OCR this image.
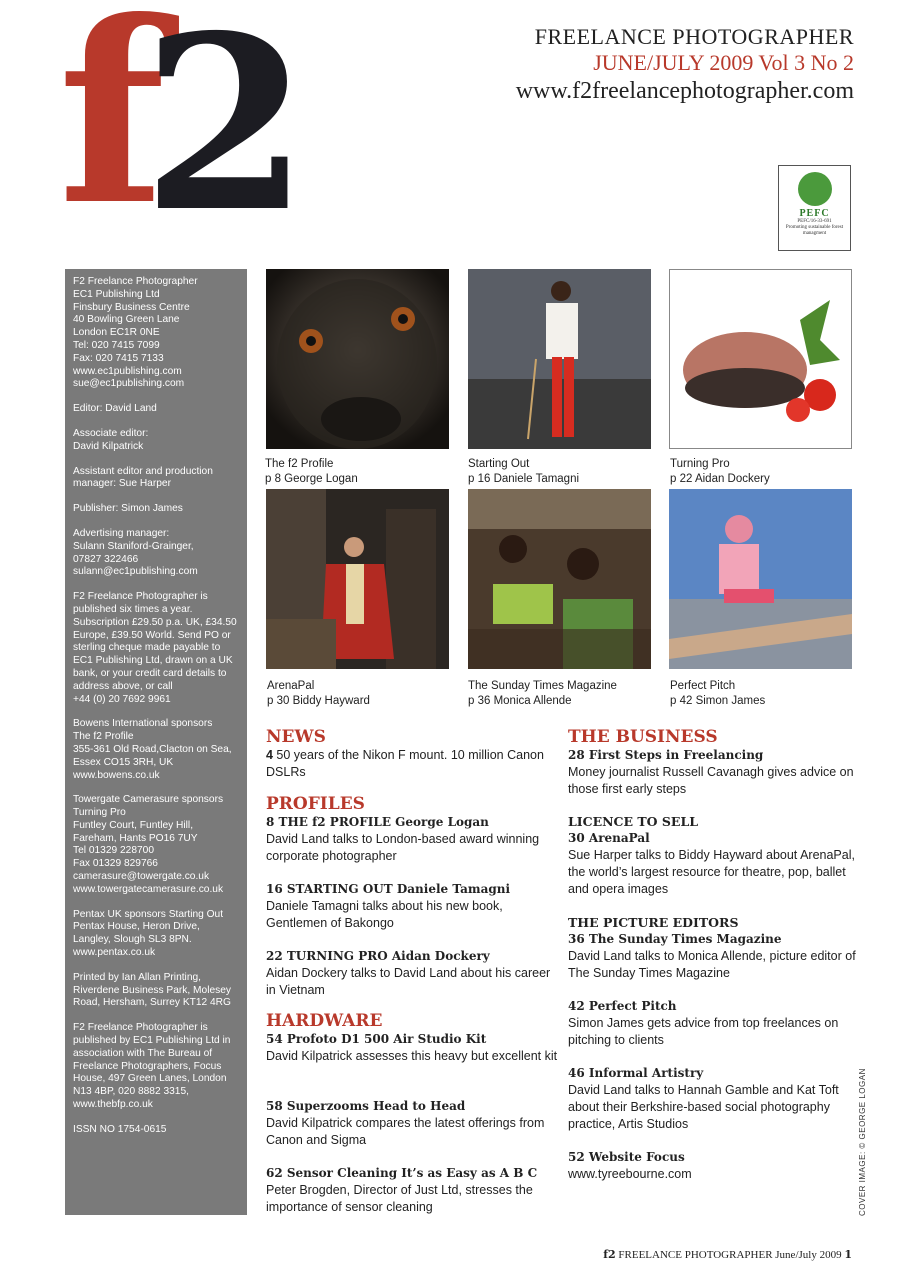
f
2	FREELANCE PHOTOGRAPHER
JUNE/JULY 2009 Vol 3 No 2
www.f2freelancephotographer.com
PEFC
PEFC/16-33-691
Promoting sustainable forest managment

F2 Freelance Photographer
EC1 Publishing Ltd
Finsbury Business Centre
40 Bowling Green Lane
London EC1R 0NE
Tel: 020 7415 7099
Fax: 020 7415 7133
www.ec1publishing.com
sue@ec1publishing.com

Editor: David Land

Associate editor:
David Kilpatrick

Assistant editor and production
manager: Sue Harper

Publisher: Simon James

Advertising manager:
Sulann Staniford-Grainger,
07827 322466
sulann@ec1publishing.com

F2 Freelance Photographer is
published six times a year.
Subscription £29.50 p.a. UK, £34.50
Europe, £39.50 World. Send PO or
sterling cheque made payable to
EC1 Publishing Ltd, drawn on a UK
bank, or your credit card details to
address above, or call
+44 (0) 20 7692 9961

Bowens International sponsors
The f2 Profile
355-361 Old Road,Clacton on Sea,
Essex CO15 3RH, UK
www.bowens.co.uk

Towergate Camerasure sponsors
Turning Pro
Funtley Court, Funtley Hill,
Fareham, Hants PO16 7UY
Tel 01329 228700
Fax 01329 829766
camerasure@towergate.co.uk
www.towergatecamerasure.co.uk

Pentax UK sponsors Starting Out
Pentax House, Heron Drive,
Langley, Slough SL3 8PN.
www.pentax.co.uk

Printed by Ian Allan Printing,
Riverdene Business Park, Molesey
Road, Hersham, Surrey KT12 4RG

F2 Freelance Photographer is
published by EC1 Publishing Ltd in
association with The Bureau of
Freelance Photographers, Focus
House, 497 Green Lanes, London
N13 4BP, 020 8882 3315,
www.thebfp.co.uk

ISSN NO 1754-0615

The f2 Profile
p 8 George Logan
Starting Out
p 16 Daniele Tamagni
Turning Pro
p 22 Aidan Dockery
ArenaPal
p 30 Biddy Hayward
The Sunday Times Magazine
p 36 Monica Allende
Perfect Pitch
p 42 Simon James
NEWS
4 50 years of the Nikon F mount. 10 million Canon DSLRs
PROFILES
8 THE f2 PROFILE George Logan
David Land talks to London-based award winning corporate photographer
16 STARTING OUT Daniele Tamagni
Daniele Tamagni talks about his new book, Gentlemen of Bakongo
22 TURNING PRO Aidan Dockery
Aidan Dockery talks to David Land about his career in Vietnam
HARDWARE
54 Profoto D1 500 Air Studio Kit
David Kilpatrick assesses this heavy but excellent kit
58 Superzooms Head to Head
David Kilpatrick compares the latest offerings from Canon and Sigma
62 Sensor Cleaning It’s as Easy as A B C
Peter Brogden, Director of Just Ltd, stresses the importance of sensor cleaning
THE BUSINESS
28 First Steps in Freelancing
Money journalist Russell Cavanagh gives advice on those first early steps
LICENCE TO SELL
30 ArenaPal
Sue Harper talks to Biddy Hayward about ArenaPal, the world’s largest resource for theatre, pop, ballet and opera images
THE PICTURE EDITORS
36 The Sunday Times Magazine
David Land talks to Monica Allende, picture editor of The Sunday Times Magazine
42 Perfect Pitch
Simon James gets advice from top freelances on pitching to clients
46 Informal Artistry
David Land talks to Hannah Gamble and Kat Toft about their Berkshire-based social photography practice, Artis Studios
52 Website Focus
www.tyreebourne.com	COVER IMAGE: © GEORGE LOGAN
f2 FREELANCE PHOTOGRAPHER June/July 2009 1
